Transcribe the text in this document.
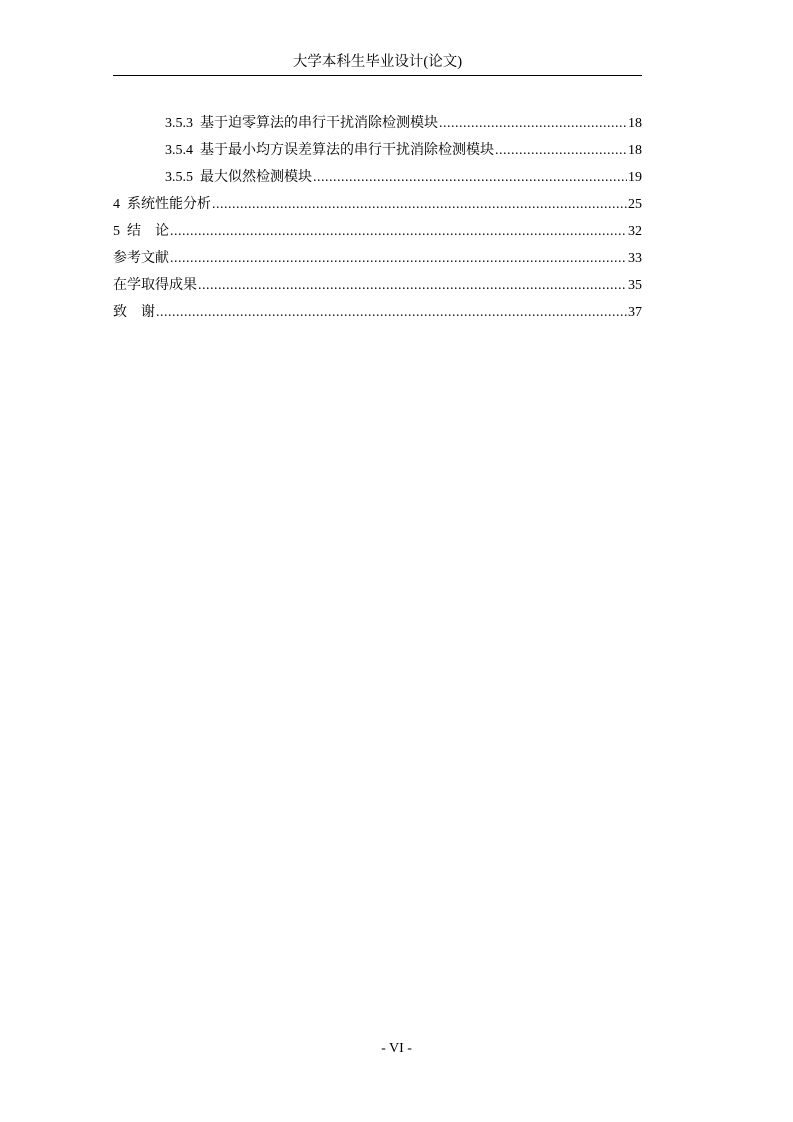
大学本科生毕业设计(论文)
3.5.3 基于迫零算法的串行干扰消除检测模块 .....	18
3.5.4 基于最小均方误差算法的串行干扰消除检测模块 .....	18
3.5.5 最大似然检测模块 .....	19
4 系统性能分析 .....	25
5 结　论 .....	32
参考文献 .....	33
在学取得成果 .....	35
致　谢 .....	37
- VI -
